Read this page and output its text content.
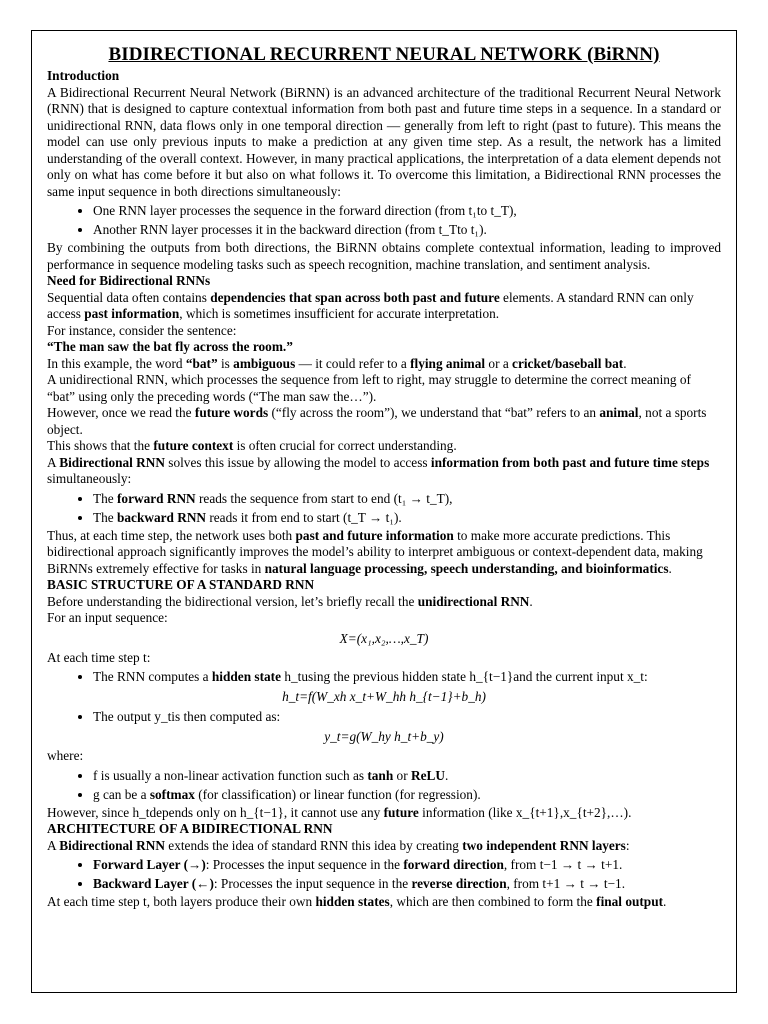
BIDIRECTIONAL RECURRENT NEURAL NETWORK (BiRNN)

Introduction

A Bidirectional Recurrent Neural Network (BiRNN) is an advanced architecture of the traditional Recurrent Neural Network (RNN) that is designed to capture contextual information from both past and future time steps in a sequence. In a standard or unidirectional RNN, data flows only in one temporal direction — generally from left to right (past to future). This means the model can use only previous inputs to make a prediction at any given time step. As a result, the network has a limited understanding of the overall context. However, in many practical applications, the interpretation of a data element depends not only on what has come before it but also on what follows it. To overcome this limitation, a Bidirectional RNN processes the same input sequence in both directions simultaneously:

• One RNN layer processes the sequence in the forward direction (from t₁to t_T),
• Another RNN layer processes it in the backward direction (from t_Tto t₁).

By combining the outputs from both directions, the BiRNN obtains complete contextual information, leading to improved performance in sequence modeling tasks such as speech recognition, machine translation, and sentiment analysis.

Need for Bidirectional RNNs

Sequential data often contains dependencies that span across both past and future elements. A standard RNN can only access past information, which is sometimes insufficient for accurate interpretation.

For instance, consider the sentence:

“The man saw the bat fly across the room.”

In this example, the word “bat” is ambiguous — it could refer to a flying animal or a cricket/baseball bat.

A unidirectional RNN, which processes the sequence from left to right, may struggle to determine the correct meaning of “bat” using only the preceding words (“The man saw the…”).

However, once we read the future words (“fly across the room”), we understand that “bat” refers to an animal, not a sports object.

This shows that the future context is often crucial for correct understanding.

A Bidirectional RNN solves this issue by allowing the model to access information from both past and future time steps simultaneously:

• The forward RNN reads the sequence from start to end (t₁ → t_T),
• The backward RNN reads it from end to start (t_T → t₁).

Thus, at each time step, the network uses both past and future information to make more accurate predictions. This bidirectional approach significantly improves the model’s ability to interpret ambiguous or context-dependent data, making BiRNNs extremely effective for tasks in natural language processing, speech understanding, and bioinformatics.

BASIC STRUCTURE OF A STANDARD RNN

Before understanding the bidirectional version, let’s briefly recall the unidirectional RNN.

For an input sequence:

X=(x₁,x₂,…,x_T)

At each time step t:

• The RNN computes a hidden state h_tusing the previous hidden state h_{t−1}and the current input x_t:

h_t=f(W_xh x_t+W_hh h_{t−1}+b_h)

• The output y_tis then computed as:

y_t=g(W_hy h_t+b_y)

where:

• f is usually a non-linear activation function such as tanh or ReLU.
• g can be a softmax (for classification) or linear function (for regression).

However, since h_tdepends only on h_{t−1}, it cannot use any future information (like x_{t+1},x_{t+2},…).

ARCHITECTURE OF A BIDIRECTIONAL RNN

A Bidirectional RNN extends the idea of standard RNN this idea by creating two independent RNN layers:

• Forward Layer (→): Processes the input sequence in the forward direction, from t−1 → t → t+1.
• Backward Layer (←): Processes the input sequence in the reverse direction, from t+1 → t → t−1.

At each time step t, both layers produce their own hidden states, which are then combined to form the final output.
